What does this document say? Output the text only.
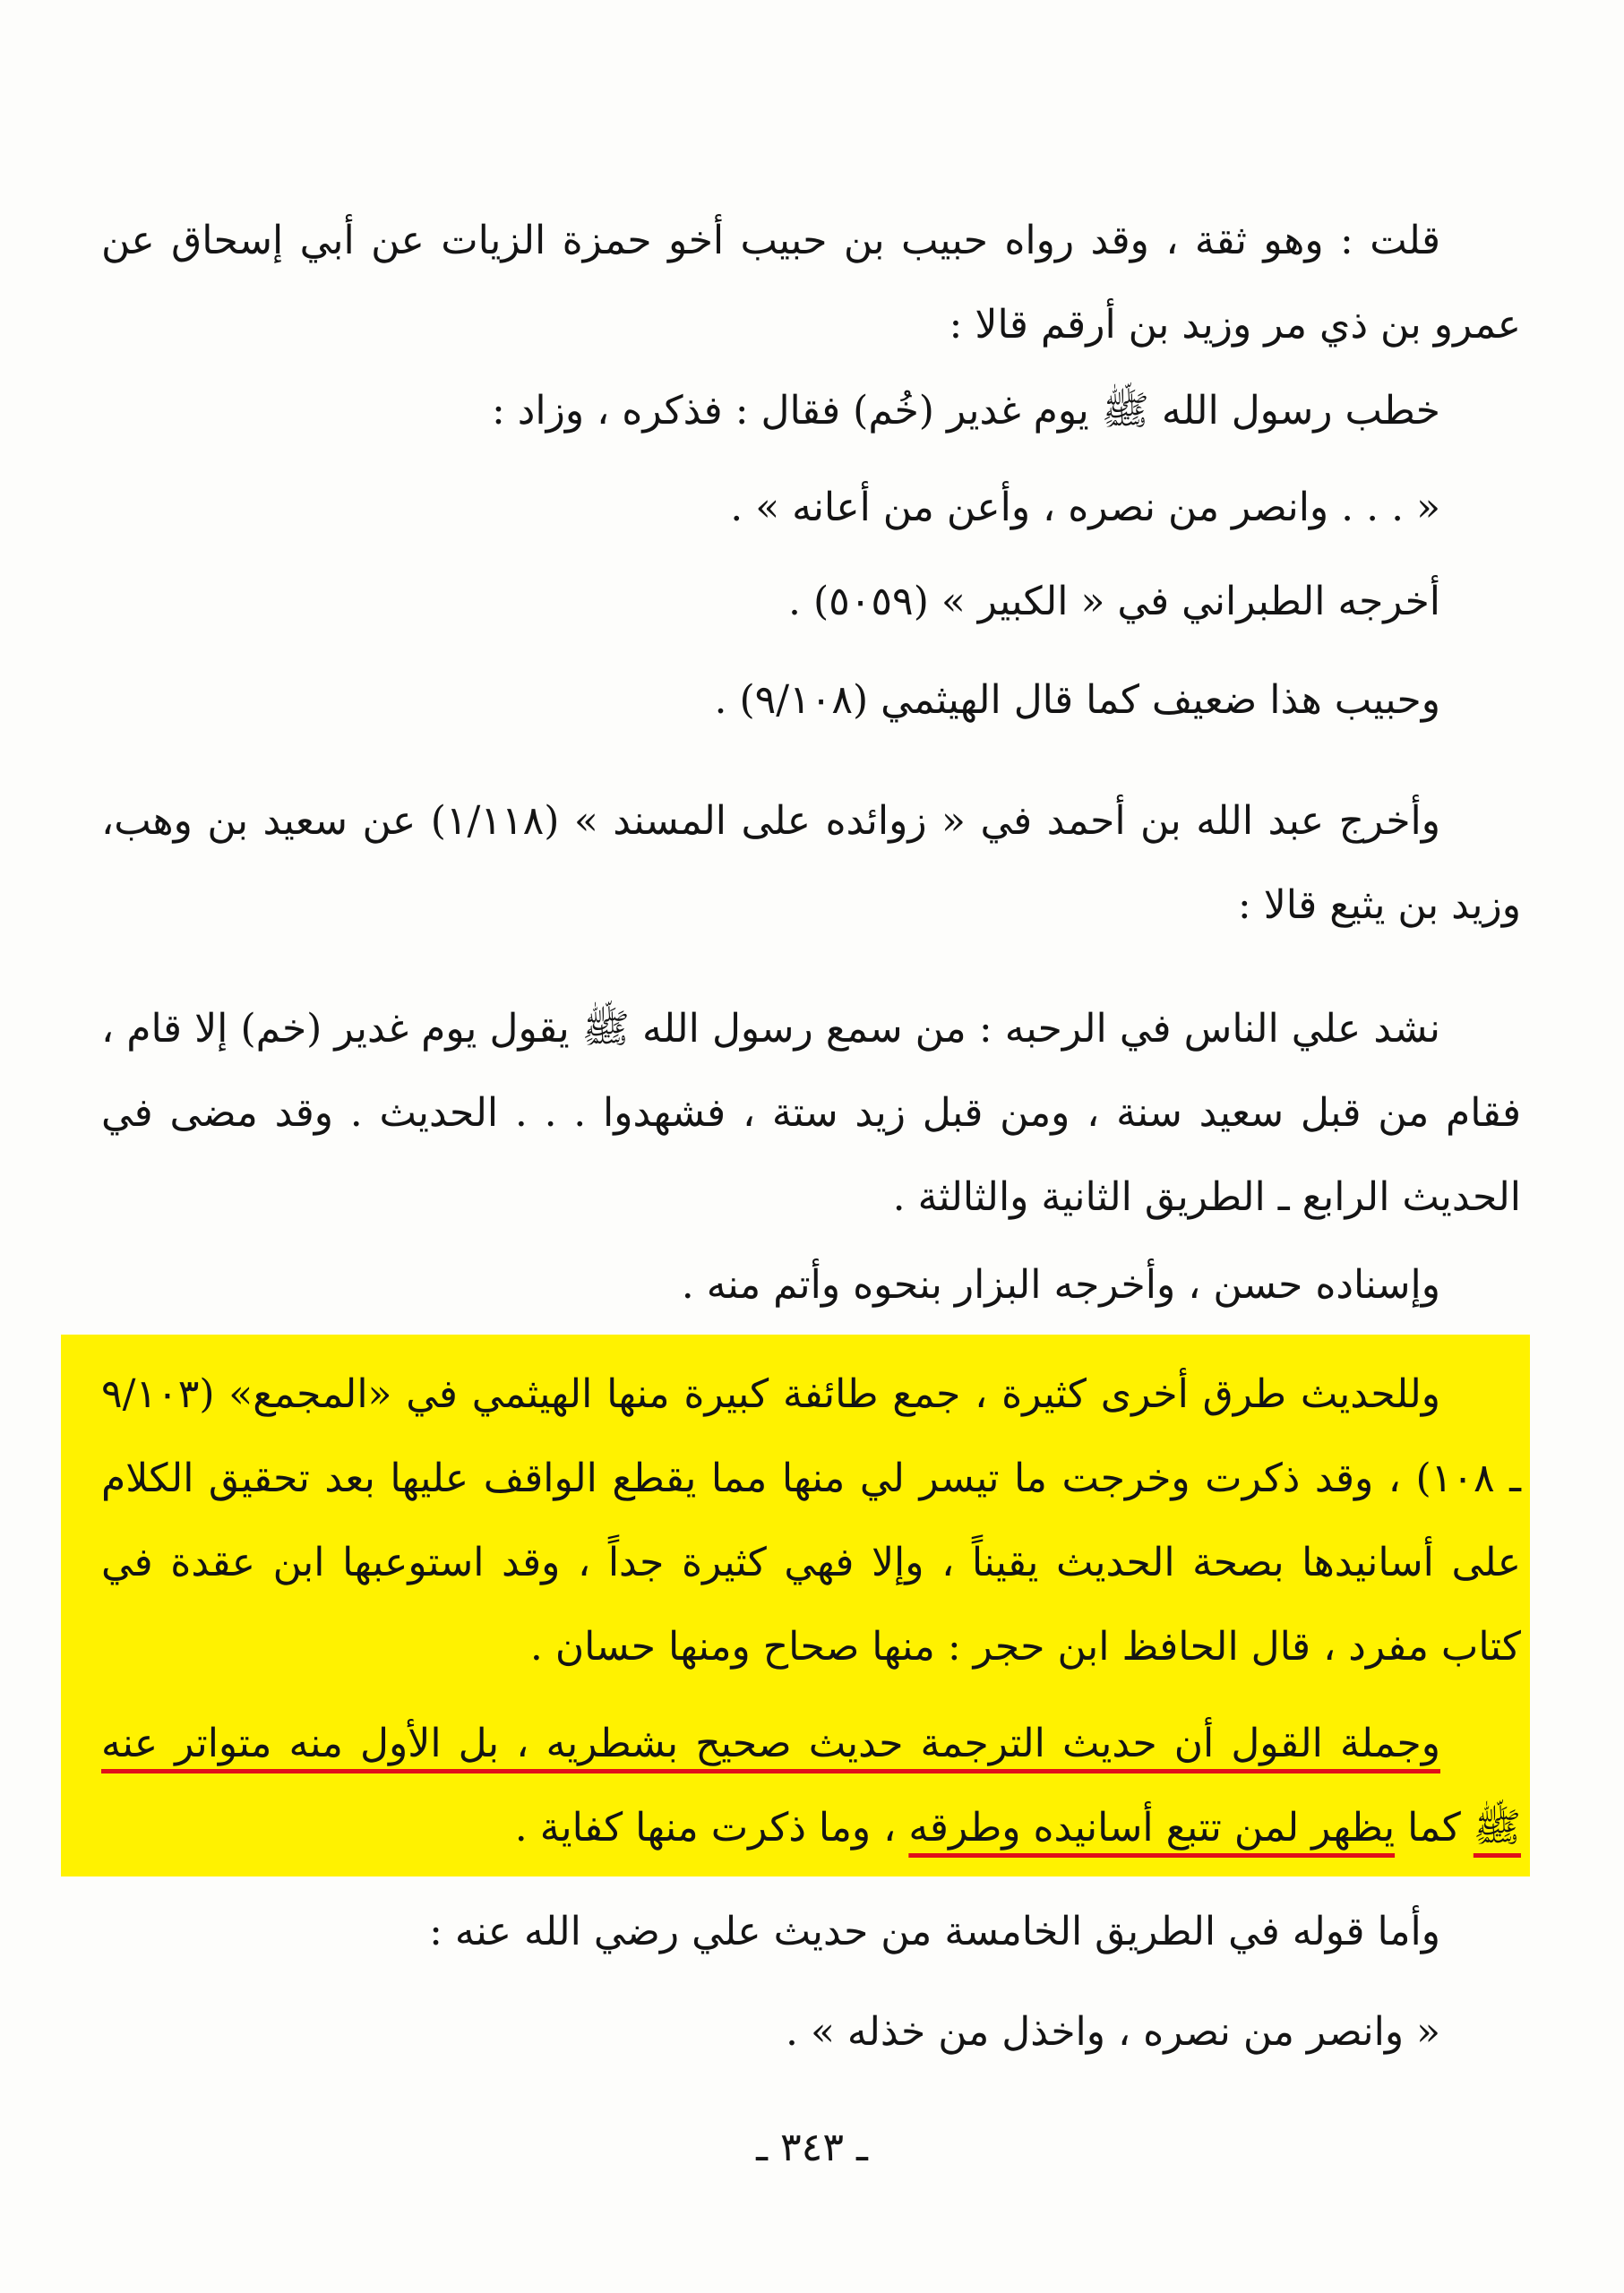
قلت : وهو ثقة ، وقد رواه حبيب بن حبيب أخو حمزة الزيات عن أبي إسحاق عن عمرو بن ذي مر وزيد بن أرقم قالا :

خطب رسول الله ﷺ يوم غدير (خُم) فقال : فذكره ، وزاد :

« . . . وانصر من نصره ، وأعن من أعانه » .

أخرجه الطبراني في « الكبير » (٥٠٥٩) .

وحبيب هذا ضعيف كما قال الهيثمي (٩/١٠٨) .

وأخرج عبد الله بن أحمد في « زوائده على المسند » (١/١١٨) عن سعيد بن وهب، وزيد بن يثيع قالا :

نشد علي الناس في الرحبه : من سمع رسول الله ﷺ يقول يوم غدير (خم) إلا قام ، فقام من قبل سعيد سنة ، ومن قبل زيد ستة ، فشهدوا . . . الحديث . وقد مضى في الحديث الرابع ـ الطريق الثانية والثالثة .

وإسناده حسن ، وأخرجه البزار بنحوه وأتم منه .

وللحديث طرق أخرى كثيرة ، جمع طائفة كبيرة منها الهيثمي في «المجمع» (٩/١٠٣ ـ ١٠٨) ، وقد ذكرت وخرجت ما تيسر لي منها مما يقطع الواقف عليها بعد تحقيق الكلام على أسانيدها بصحة الحديث يقيناً ، وإلا فهي كثيرة جداً ، وقد استوعبها ابن عقدة في كتاب مفرد ، قال الحافظ ابن حجر : منها صحاح ومنها حسان .

وجملة القول أن حديث الترجمة حديث صحيح بشطريه ، بل الأول منه متواتر عنه ﷺ كما يظهر لمن تتبع أسانيده وطرقه ، وما ذكرت منها كفاية .

وأما قوله في الطريق الخامسة من حديث علي رضي الله عنه :

« وانصر من نصره ، واخذل من خذله » .

ـ ٣٤٣ ـ
